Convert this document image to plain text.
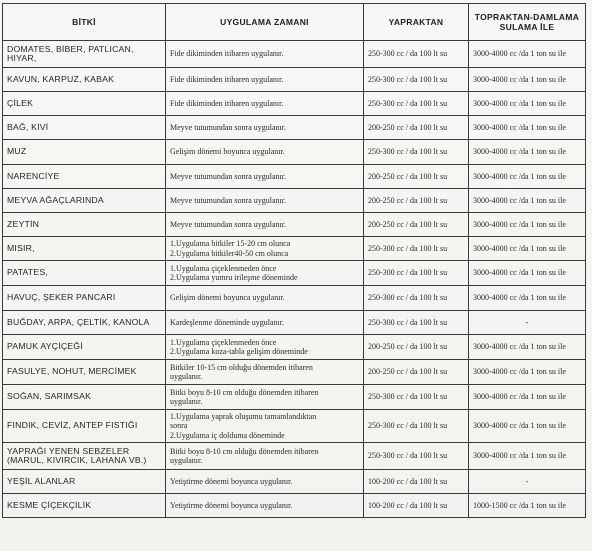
BİTKİ	UYGULAMA ZAMANI	YAPRAKTAN	TOPRAKTAN-DAMLAMA SULAMA İLE
DOMATES, BİBER, PATLICAN, HIYAR,	Fide dikiminden itibaren uygulanır.	250-300 cc / da 100 lt su	3000-4000 cc /da 1 ton su ile
KAVUN, KARPUZ, KABAK	Fide dikiminden itibaren uygulanır.	250-300 cc / da 100 lt su	3000-4000 cc /da 1 ton su ile
ÇİLEK	Fide dikiminden itibaren uygulanır.	250-300 cc / da 100 lt su	3000-4000 cc /da 1 ton su ile
BAĞ, KİVİ	Meyve tutumundan sonra uygulanır.	200-250 cc / da 100 lt su	3000-4000 cc /da 1 ton su ile
MUZ	Gelişim dönemi boyunca uygulanır.	250-300 cc / da 100 lt su	3000-4000 cc /da 1 ton su ile
NARENCİYE	Meyve tutumundan sonra uygulanır.	200-250 cc / da 100 lt su	3000-4000 cc /da 1 ton su ile
MEYVA AĞAÇLARINDA	Meyve tutumundan sonra uygulanır.	200-250 cc / da 100 lt su	3000-4000 cc /da 1 ton su ile
ZEYTİN	Meyve tutumundan sonra uygulanır.	200-250 cc / da 100 lt su	3000-4000 cc /da 1 ton su ile
MISIR,	1.Uygulama bitkiler 15-20 cm olunca
2.Uygulama bitkiler40-50 cm olunca	250-300 cc / da 100 lt su	3000-4000 cc /da 1 ton su ile
PATATES,	1.Uygulama çiçeklenmeden önce
2.Uygulama yumru irileşme döneminde	250-300 cc / da 100 lt su	3000-4000 cc /da 1 ton su ile
HAVUÇ, ŞEKER PANCARI	Gelişim dönemi boyunca uygulanır.	250-300 cc / da 100 lt su	3000-4000 cc /da 1 ton su ile
BUĞDAY, ARPA, ÇELTİK, KANOLA	Kardeşlenme döneminde uygulanır.	250-300 cc / da 100 lt su	-
PAMUK AYÇİÇEĞİ	1.Uygulama çiçeklenmeden önce
2.Uygulama koza-tabla gelişim döneminde	200-250 cc / da 100 lt su	3000-4000 cc /da 1 ton su ile
FASULYE, NOHUT, MERCİMEK	Bitkiler 10-15 cm olduğu dönemden itibaren
uygulanır.	200-250 cc / da 100 lt su	3000-4000 cc /da 1 ton su ile
SOĞAN, SARIMSAK	Bitki boyu 8-10 cm olduğu dönemden itibaren
uygulanır.	250-300 cc / da 100 lt su	3000-4000 cc /da 1 ton su ile
FINDIK, CEVİZ, ANTEP FISTIĞI	1.Uygulama yaprak oluşumu tamamlandıktan
sonra
2.Uygulama iç dolduma döneminde	250-300 cc / da 100 lt su	3000-4000 cc /da 1 ton su ile
YAPRAĞI YENEN SEBZELER (MARUL, KIVIRCIK, LAHANA VB.)	Bitki boyu 8-10 cm olduğu dönemden itibaren
uygulanır.	250-300 cc / da 100 lt su	3000-4000 cc /da 1 ton su ile
YEŞİL ALANLAR	Yetiştirme dönemi boyunca uygulanır.	100-200 cc / da 100 lt su	-
KESME ÇİÇEKÇİLİK	Yetiştirme dönemi boyunca uygulanır.	100-200 cc / da 100 lt su	1000-1500 cc /da 1 ton su ile
